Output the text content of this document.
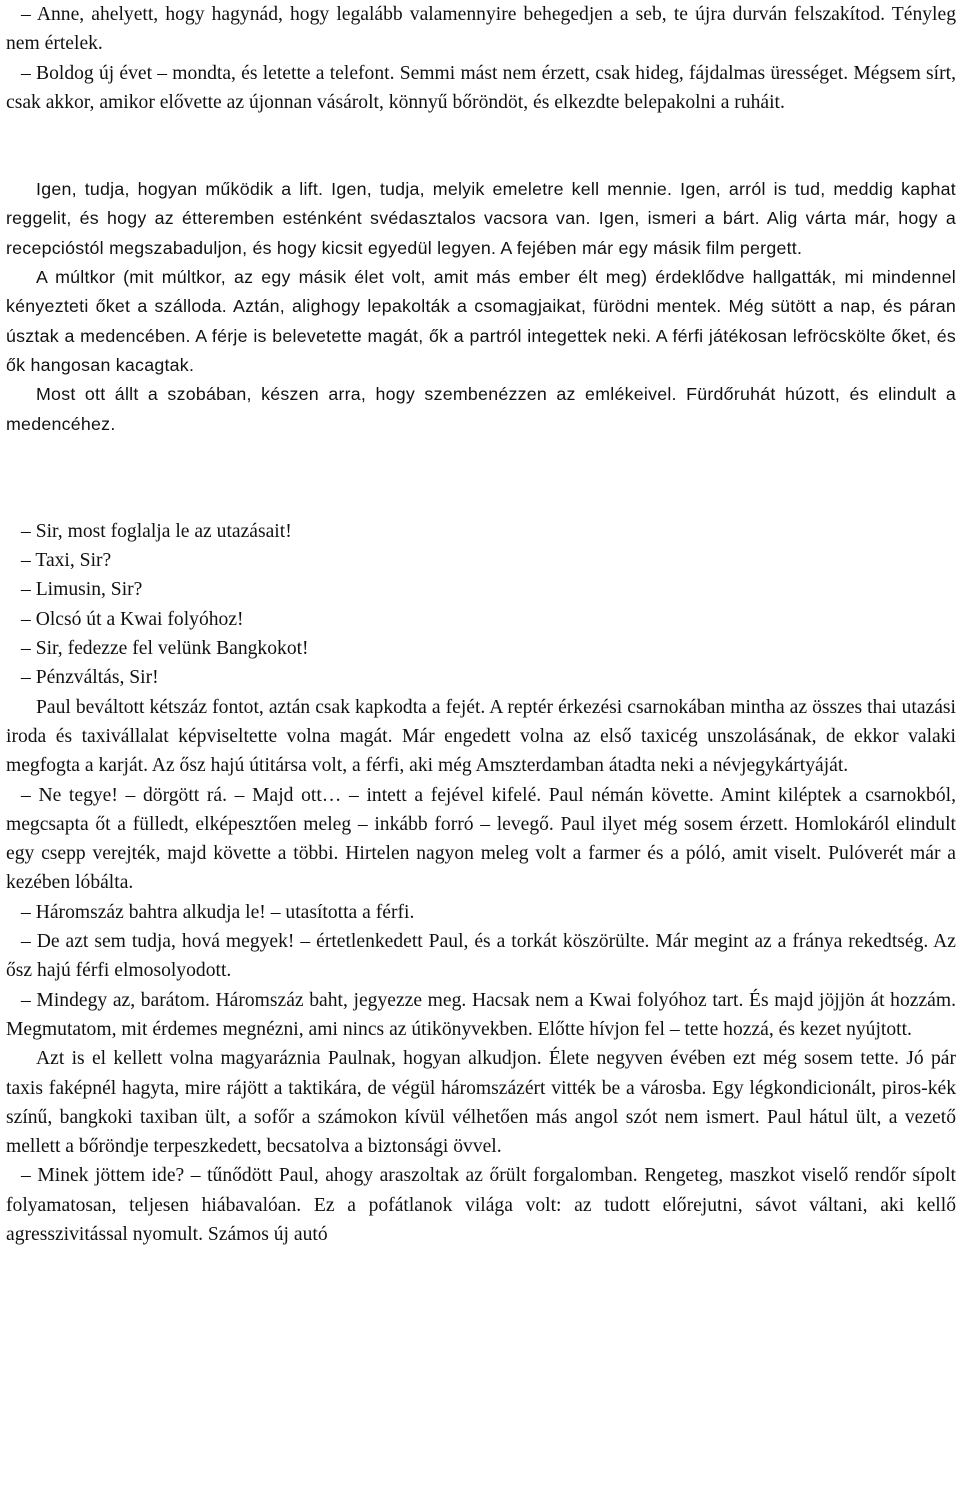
– Anne, ahelyett, hogy hagynád, hogy legalább valamennyire behegedjen a seb, te újra durván felszakítod. Tényleg nem értelek.

– Boldog új évet – mondta, és letette a telefont. Semmi mást nem érzett, csak hideg, fájdalmas ürességet. Mégsem sírt, csak akkor, amikor elővette az újonnan vásárolt, könnyű bőröndöt, és elkezdte belepakolni a ruháit.

Igen, tudja, hogyan működik a lift. Igen, tudja, melyik emeletre kell mennie. Igen, arról is tud, meddig kaphat reggelit, és hogy az étteremben esténként svédasztalos vacsora van. Igen, ismeri a bárt. Alig várta már, hogy a recepcióstól megszabaduljon, és hogy kicsit egyedül legyen. A fejében már egy másik film pergett.

A múltkor (mit múltkor, az egy másik élet volt, amit más ember élt meg) érdeklődve hallgatták, mi mindennel kényezteti őket a szálloda. Aztán, alighogy lepakolták a csomagjaikat, fürödni mentek. Még sütött a nap, és páran úsztak a medencében. A férje is belevetette magát, ők a partról integettek neki. A férfi játékosan lefröcskölte őket, és ők hangosan kacagtak.

Most ott állt a szobában, készen arra, hogy szembenézzen az emlékeivel. Fürdőruhát húzott, és elindult a medencéhez.

– Sir, most foglalja le az utazásait!

– Taxi, Sir?

– Limusin, Sir?

– Olcsó út a Kwai folyóhoz!

– Sir, fedezze fel velünk Bangkokot!

– Pénzváltás, Sir!

Paul beváltott kétszáz fontot, aztán csak kapkodta a fejét. A reptér érkezési csarnokában mintha az összes thai utazási iroda és taxivállalat képviseltette volna magát. Már engedett volna az első taxicég unszolásának, de ekkor valaki megfogta a karját. Az ősz hajú útitársa volt, a férfi, aki még Amszterdamban átadta neki a névjegykártyáját.

– Ne tegye! – dörgött rá. – Majd ott… – intett a fejével kifelé. Paul némán követte. Amint kiléptek a csarnokból, megcsapta őt a fülledt, elképesztően meleg – inkább forró – levegő. Paul ilyet még sosem érzett. Homlokáról elindult egy csepp verejték, majd követte a többi. Hirtelen nagyon meleg volt a farmer és a póló, amit viselt. Pulóverét már a kezében lóbálta.

– Háromszáz bahtra alkudja le! – utasította a férfi.

– De azt sem tudja, hová megyek! – értetlenkedett Paul, és a torkát köszörülte. Már megint az a fránya rekedtség. Az ősz hajú férfi elmosolyodott.

– Mindegy az, barátom. Háromszáz baht, jegyezze meg. Hacsak nem a Kwai folyóhoz tart. És majd jöjjön át hozzám. Megmutatom, mit érdemes megnézni, ami nincs az útikönyvekben. Előtte hívjon fel – tette hozzá, és kezet nyújtott.

Azt is el kellett volna magyaráznia Paulnak, hogyan alkudjon. Élete negyven évében ezt még sosem tette. Jó pár taxis faképnél hagyta, mire rájött a taktikára, de végül háromszázért vitték be a városba. Egy légkondicionált, piros-kék színű, bangkoki taxiban ült, a sofőr a számokon kívül vélhetően más angol szót nem ismert. Paul hátul ült, a vezető mellett a bőröndje terpeszkedett, becsatolva a biztonsági övvel.

– Minek jöttem ide? – tűnődött Paul, ahogy araszoltak az őrült forgalomban. Rengeteg, maszkot viselő rendőr sípolt folyamatosan, teljesen hiábavalóan. Ez a pofátlanok világa volt: az tudott előrejutni, sávot váltani, aki kellő agresszivitással nyomult. Számos új autó
